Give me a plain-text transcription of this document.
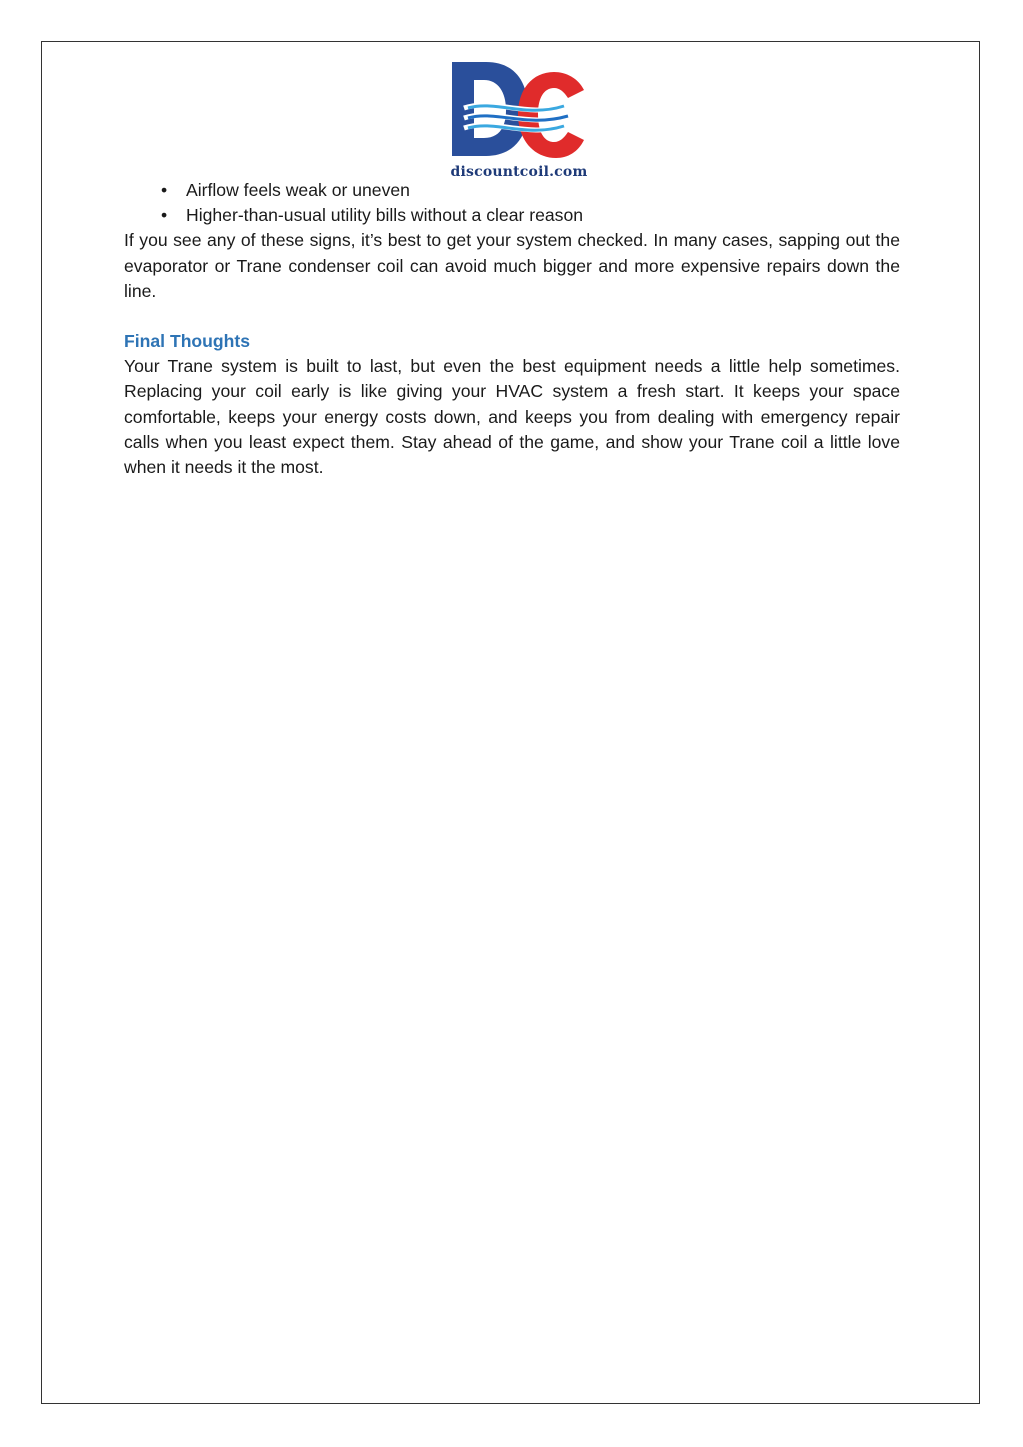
discountcoil.com
• Airflow feels weak or uneven
• Higher-than-usual utility bills without a clear reason

If you see any of these signs, it’s best to get your system checked. In many cases, sapping out the evaporator or Trane condenser coil can avoid much bigger and more expensive repairs down the line.

Final Thoughts

Your Trane system is built to last, but even the best equipment needs a little help sometimes. Replacing your coil early is like giving your HVAC system a fresh start. It keeps your space comfortable, keeps your energy costs down, and keeps you from dealing with emergency repair calls when you least expect them. Stay ahead of the game, and show your Trane coil a little love when it needs it the most.
